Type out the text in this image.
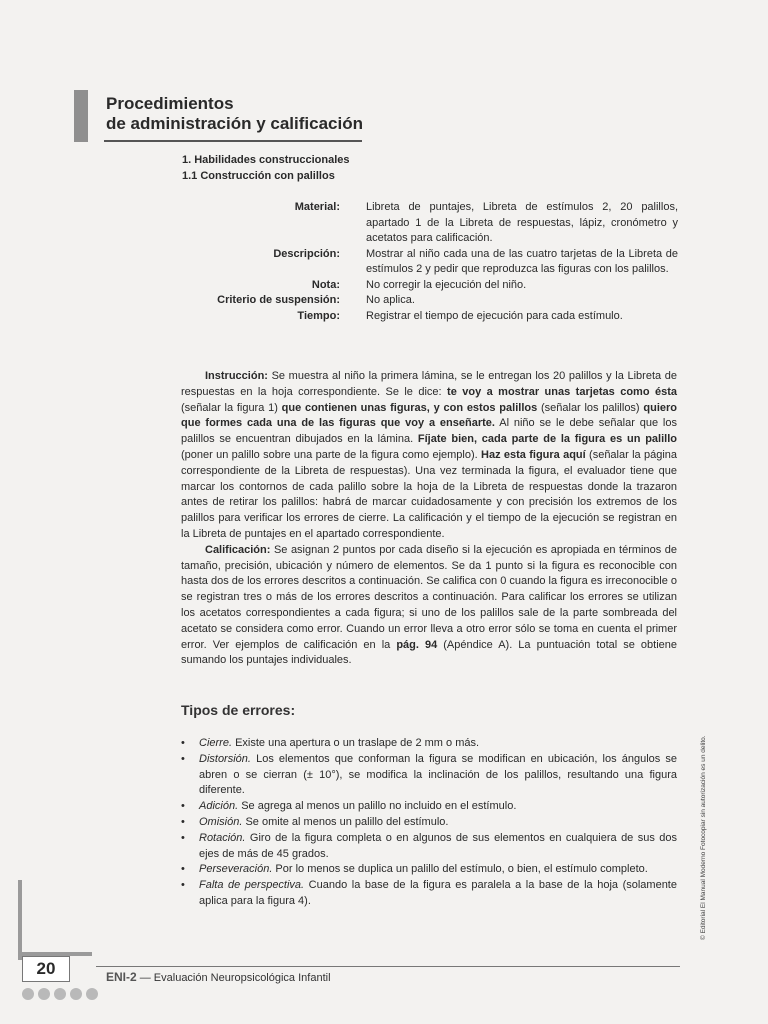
Procedimientos
de administración y calificación
1. Habilidades construccionales
1.1 Construcción con palillos
Material:	Libreta de puntajes, Libreta de estímulos 2, 20 palillos, apartado 1 de la Libreta de respuestas, lápiz, cronómetro y acetatos para calificación.
Descripción:	Mostrar al niño cada una de las cuatro tarjetas de la Libreta de estímulos 2 y pedir que reproduzca las figuras con los palillos.
Nota:	No corregir la ejecución del niño.
Criterio de suspensión:	No aplica.
Tiempo:	Registrar el tiempo de ejecución para cada estímulo.

Instrucción: Se muestra al niño la primera lámina, se le entregan los 20 palillos y la Libreta de respuestas en la hoja correspondiente. Se le dice: te voy a mostrar unas tarjetas como ésta (señalar la figura 1) que contienen unas figuras, y con estos palillos (señalar los palillos) quiero que formes cada una de las figuras que voy a enseñarte. Al niño se le debe señalar que los palillos se encuentran dibujados en la lámina. Fíjate bien, cada parte de la figura es un palillo (poner un palillo sobre una parte de la figura como ejemplo). Haz esta figura aquí (señalar la página correspondiente de la Libreta de respuestas). Una vez terminada la figura, el evaluador tiene que marcar los contornos de cada palillo sobre la hoja de la Libreta de respuestas donde la trazaron antes de retirar los palillos: habrá de marcar cuidadosamente y con precisión los extremos de los palillos para verificar los errores de cierre. La calificación y el tiempo de la ejecución se registran en la Libreta de puntajes en el apartado correspondiente.

Calificación: Se asignan 2 puntos por cada diseño si la ejecución es apropiada en términos de tamaño, precisión, ubicación y número de elementos. Se da 1 punto si la figura es reconocible con hasta dos de los errores descritos a continuación. Se califica con 0 cuando la figura es irreconocible o se registran tres o más de los errores descritos a continuación. Para calificar los errores se utilizan los acetatos correspondientes a cada figura; si uno de los palillos sale de la parte sombreada del acetato se considera como error. Cuando un error lleva a otro error sólo se toma en cuenta el primer error. Ver ejemplos de calificación en la pág. 94 (Apéndice A). La puntuación total se obtiene sumando los puntajes individuales.

Tipos de errores:
• Cierre. Existe una apertura o un traslape de 2 mm o más.
• Distorsión. Los elementos que conforman la figura se modifican en ubicación, los ángulos se abren o se cierran (± 10°), se modifica la inclinación de los palillos, resultando una figura diferente.
• Adición. Se agrega al menos un palillo no incluido en el estímulo.
• Omisión. Se omite al menos un palillo del estímulo.
• Rotación. Giro de la figura completa o en algunos de sus elementos en cualquiera de sus dos ejes de más de 45 grados.
• Perseveración. Por lo menos se duplica un palillo del estímulo, o bien, el estímulo completo.
• Falta de perspectiva. Cuando la base de la figura es paralela a la base de la hoja (solamente aplica para la figura 4).	© Editorial El Manual Moderno Fotocopiar sin autorización es un delito.
20	ENI-2 — Evaluación Neuropsicológica Infantil
